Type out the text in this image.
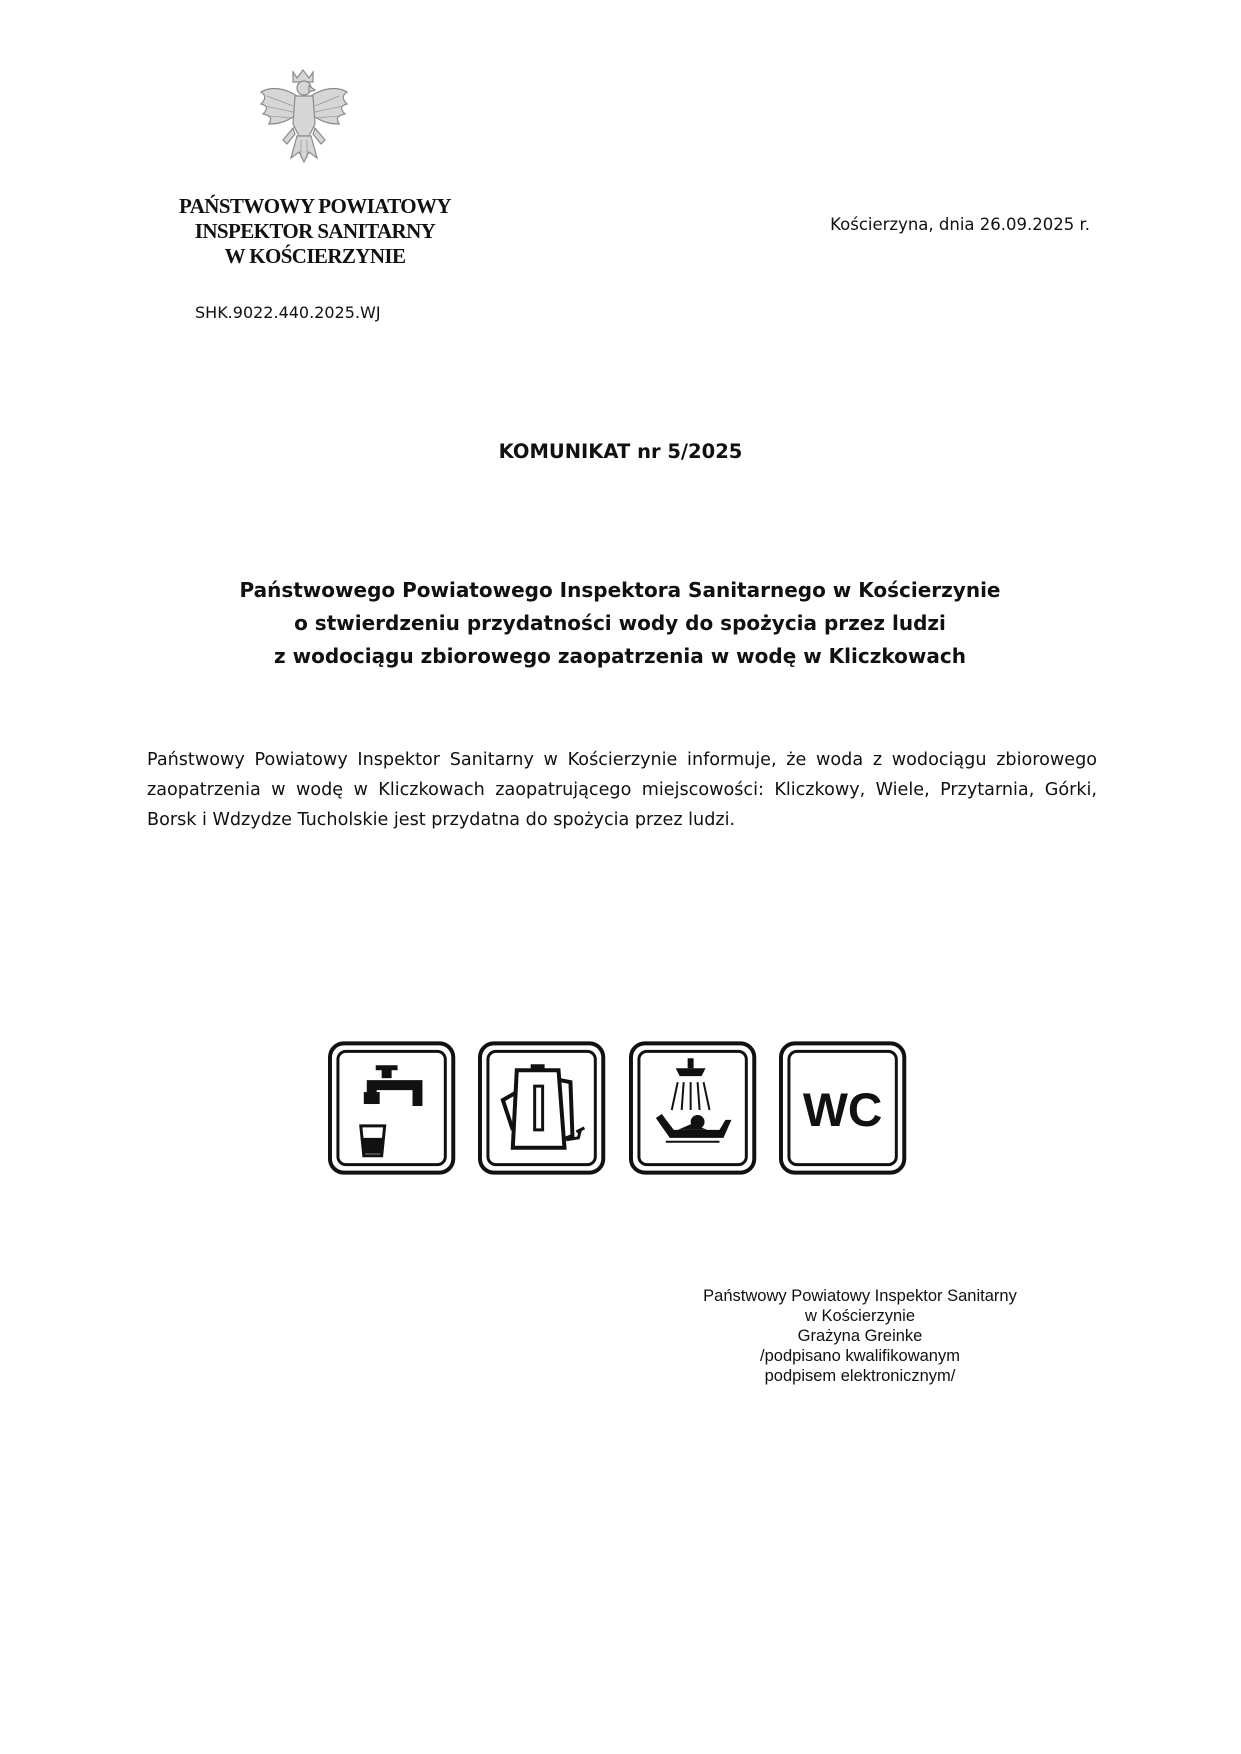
PAŃSTWOWY POWIATOWY
INSPEKTOR SANITARNY
W KOŚCIERZYNIE
SHK.9022.440.2025.WJ
Kościerzyna, dnia 26.09.2025 r.
KOMUNIKAT nr 5/2025
Państwowego Powiatowego Inspektora Sanitarnego w Kościerzynie
o stwierdzeniu przydatności wody do spożycia przez ludzi
z wodociągu zbiorowego zaopatrzenia w wodę w Kliczkowach
Państwowy Powiatowy Inspektor Sanitarny w Kościerzynie informuje, że woda z wodociągu zbiorowego zaopatrzenia w wodę w Kliczkowach zaopatrującego miejscowości: Kliczkowy, Wiele, Przytarnia, Górki, Borsk i Wdzydze Tucholskie jest przydatna do spożycia przez ludzi.
WC
Państwowy Powiatowy Inspektor Sanitarny
w Kościerzynie
Grażyna Greinke
/podpisano kwalifikowanym
podpisem elektronicznym/
